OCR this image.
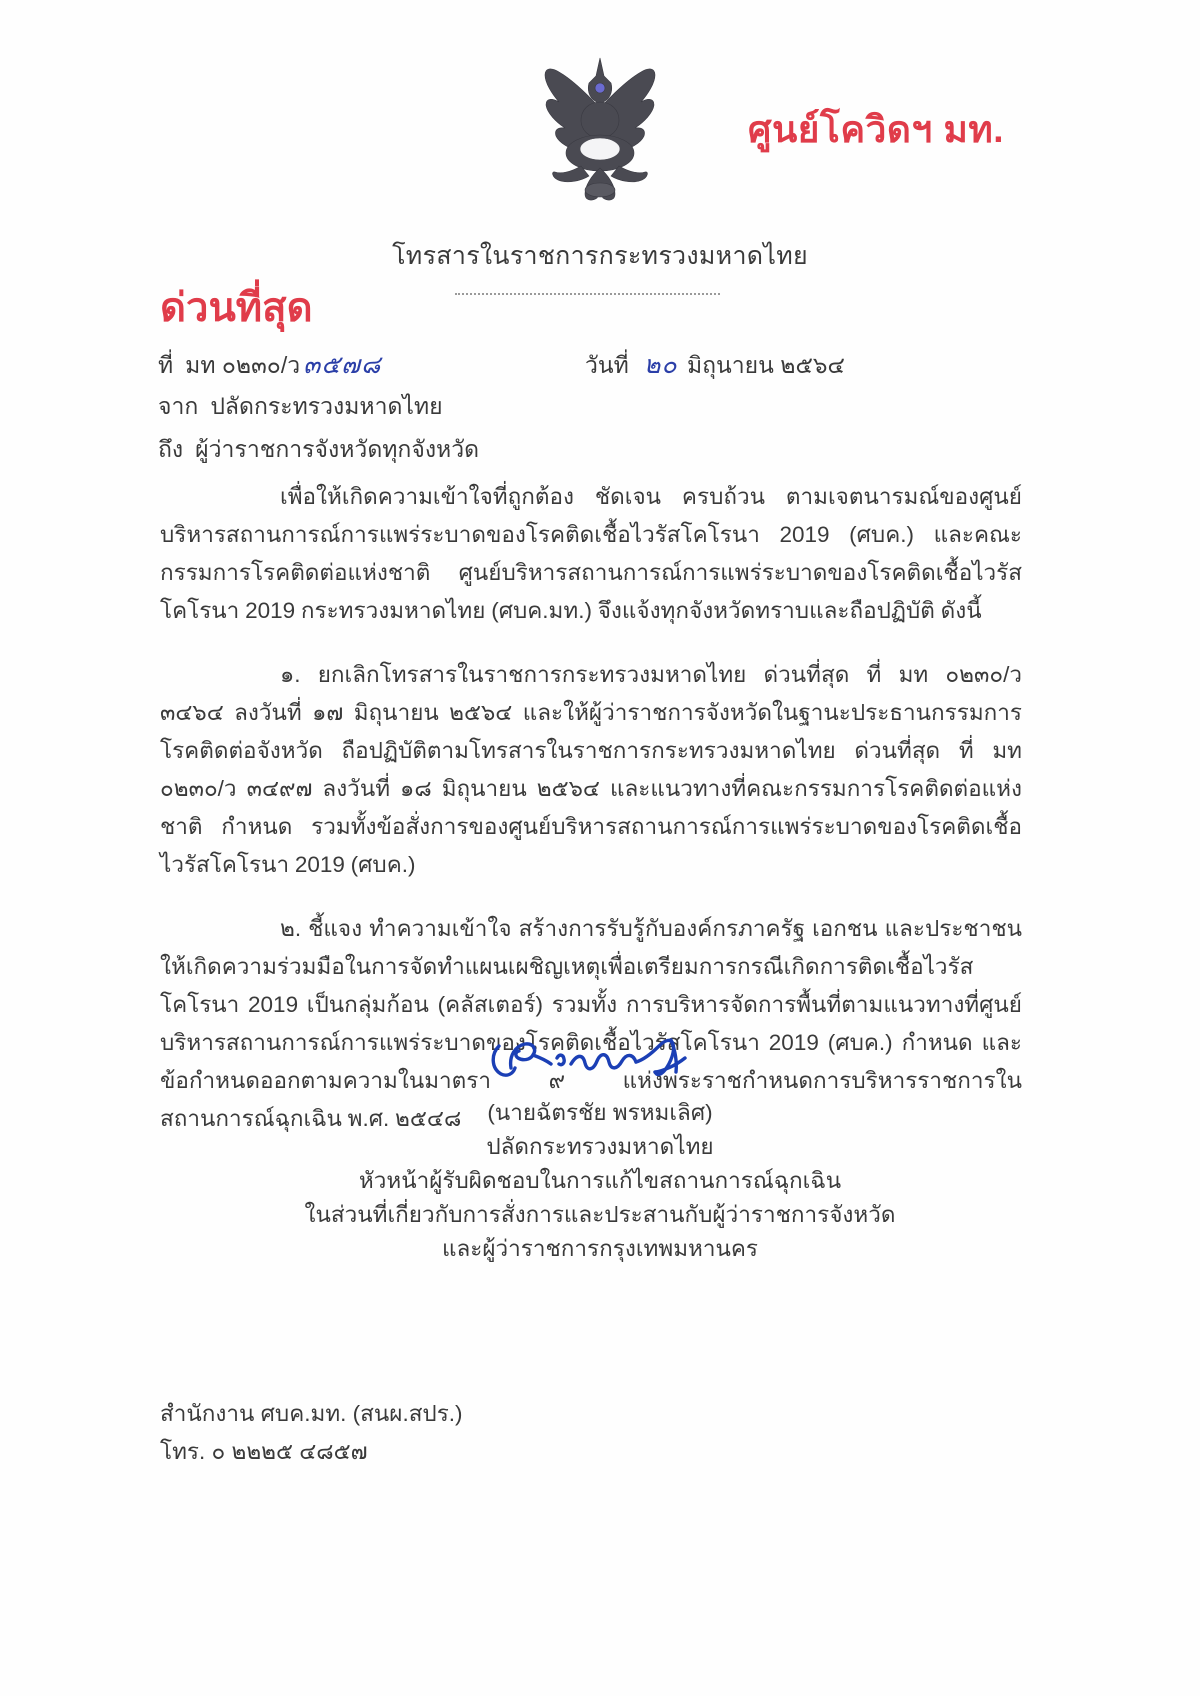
ศูนย์โควิดฯ มท.
โทรสารในราชการกระทรวงมหาดไทย
ด่วนที่สุด
ที่ มท ๐๒๓๐/ว ๓๕๗๘	วันที่ ๒๐ มิถุนายน ๒๕๖๔
จาก ปลัดกระทรวงมหาดไทย
ถึง ผู้ว่าราชการจังหวัดทุกจังหวัด

เพื่อให้เกิดความเข้าใจที่ถูกต้อง ชัดเจน ครบถ้วน ตามเจตนารมณ์ของศูนย์บริหารสถานการณ์การแพร่ระบาดของโรคติดเชื้อไวรัสโคโรนา 2019 (ศบค.) และคณะกรรมการโรคติดต่อแห่งชาติ ศูนย์บริหารสถานการณ์การแพร่ระบาดของโรคติดเชื้อไวรัสโคโรนา 2019 กระทรวงมหาดไทย (ศบค.มท.) จึงแจ้งทุกจังหวัดทราบและถือปฏิบัติ ดังนี้

๑. ยกเลิกโทรสารในราชการกระทรวงมหาดไทย ด่วนที่สุด ที่ มท ๐๒๓๐/ว ๓๔๖๔ ลงวันที่ ๑๗ มิถุนายน ๒๕๖๔ และให้ผู้ว่าราชการจังหวัดในฐานะประธานกรรมการโรคติดต่อจังหวัด ถือปฏิบัติตามโทรสารในราชการกระทรวงมหาดไทย ด่วนที่สุด ที่ มท ๐๒๓๐/ว ๓๔๙๗ ลงวันที่ ๑๘ มิถุนายน ๒๕๖๔ และแนวทางที่คณะกรรมการโรคติดต่อแห่งชาติ กำหนด รวมทั้งข้อสั่งการของศูนย์บริหารสถานการณ์การแพร่ระบาดของโรคติดเชื้อไวรัสโคโรนา 2019 (ศบค.)

๒. ชี้แจง ทำความเข้าใจ สร้างการรับรู้กับองค์กรภาครัฐ เอกชน และประชาชน ให้เกิดความร่วมมือในการจัดทำแผนเผชิญเหตุเพื่อเตรียมการกรณีเกิดการติดเชื้อไวรัสโคโรนา 2019 เป็นกลุ่มก้อน (คลัสเตอร์) รวมทั้ง การบริหารจัดการพื้นที่ตามแนวทางที่ศูนย์บริหารสถานการณ์การแพร่ระบาดของโรคติดเชื้อไวรัสโคโรนา 2019 (ศบค.) กำหนด และข้อกำหนดออกตามความในมาตรา ๙ แห่งพระราชกำหนดการบริหารราชการในสถานการณ์ฉุกเฉิน พ.ศ. ๒๕๔๘	(นายฉัตรชัย พรหมเลิศ)
ปลัดกระทรวงมหาดไทย
หัวหน้าผู้รับผิดชอบในการแก้ไขสถานการณ์ฉุกเฉิน
ในส่วนที่เกี่ยวกับการสั่งการและประสานกับผู้ว่าราชการจังหวัด
และผู้ว่าราชการกรุงเทพมหานคร
สำนักงาน ศบค.มท. (สนผ.สปร.)
โทร. ๐ ๒๒๒๕ ๔๘๕๗
